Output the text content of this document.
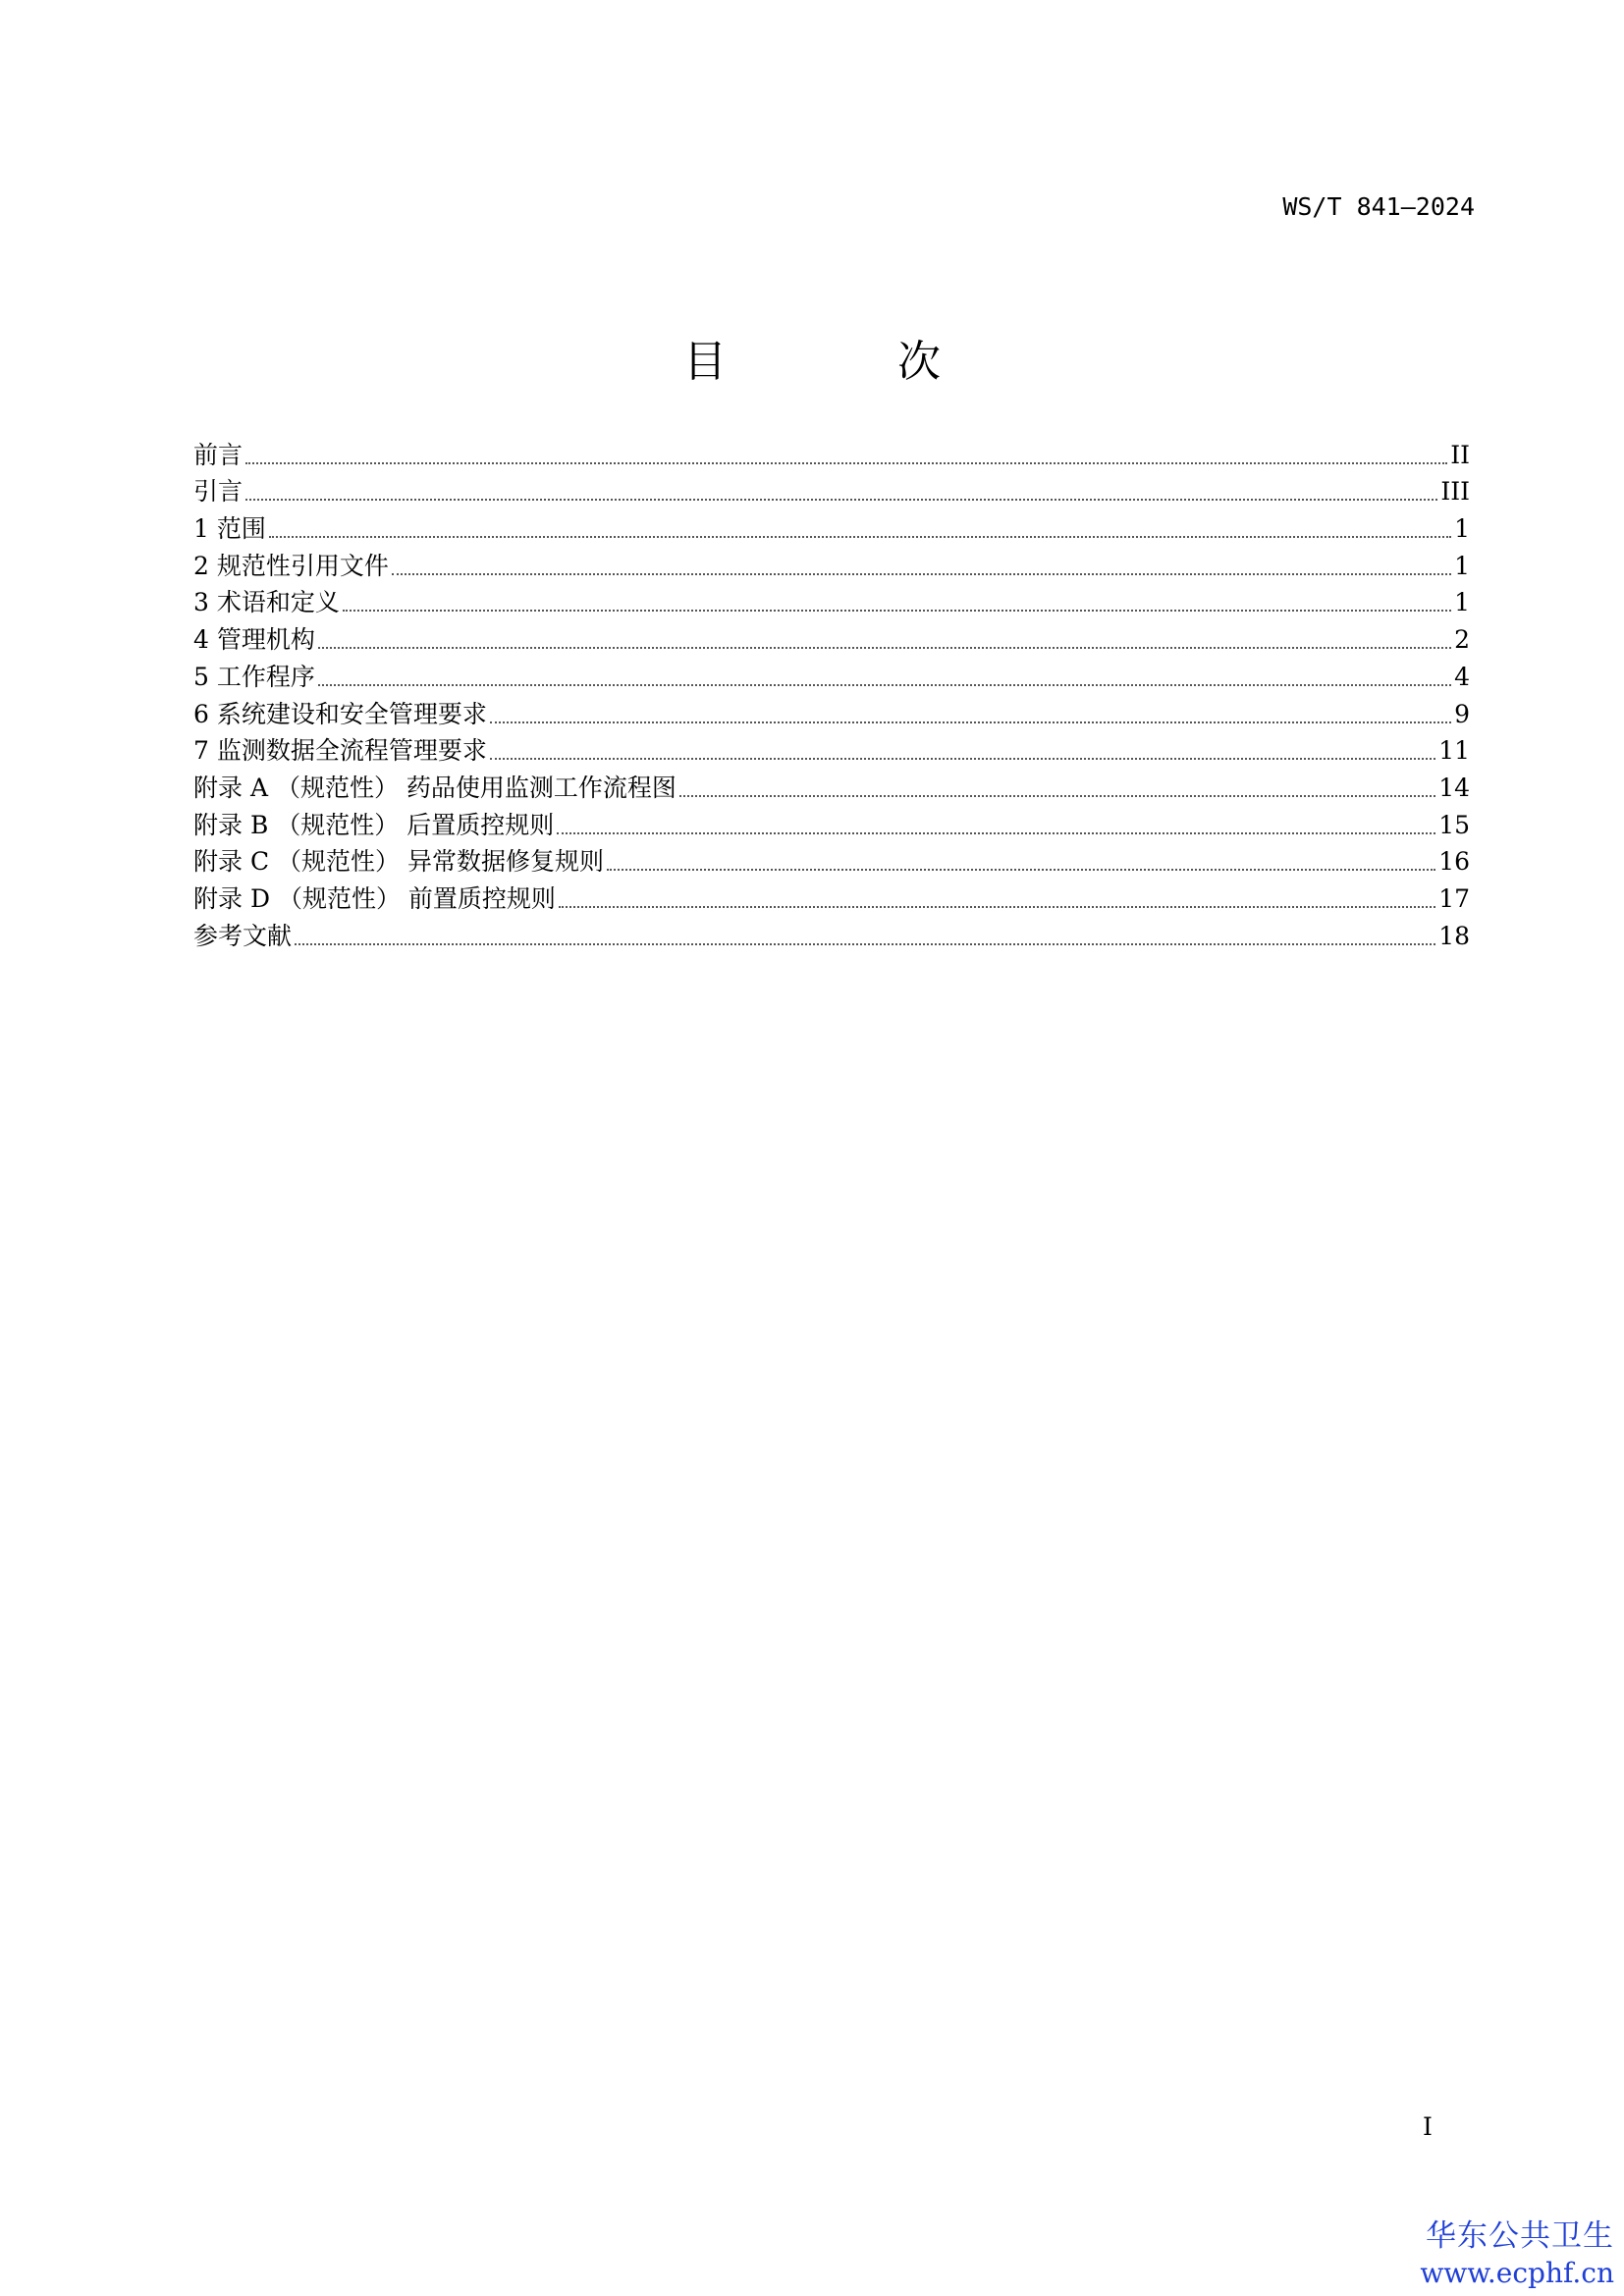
WS/T 841—2024
目 次
前言	II
引言	III
1 范围	1
2 规范性引用文件	1
3 术语和定义	1
4 管理机构	2
5 工作程序	4
6 系统建设和安全管理要求	9
7 监测数据全流程管理要求	11
附录 A （规范性） 药品使用监测工作流程图	14
附录 B （规范性） 后置质控规则	15
附录 C （规范性） 异常数据修复规则	16
附录 D （规范性） 前置质控规则	17
参考文献	18
I
华东公共卫生
www.ecphf.cn
